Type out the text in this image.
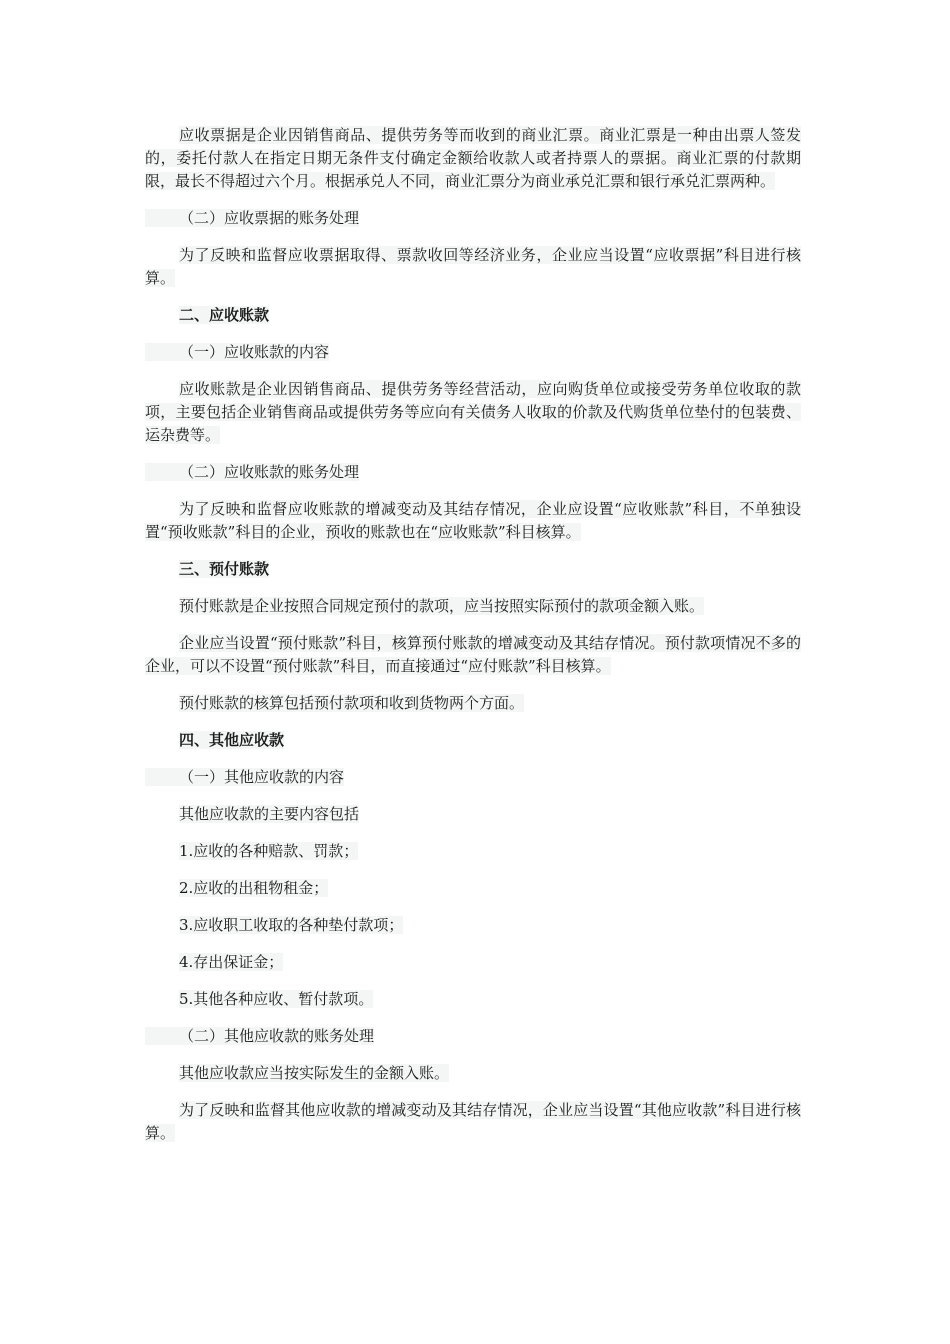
应收票据是企业因销售商品、提供劳务等而收到的商业汇票。商业汇票是一种由出票人签发的，委托付款人在指定日期无条件支付确定金额给收款人或者持票人的票据。商业汇票的付款期限，最长不得超过六个月。根据承兑人不同，商业汇票分为商业承兑汇票和银行承兑汇票两种。

（二）应收票据的账务处理

为了反映和监督应收票据取得、票款收回等经济业务，企业应当设置“应收票据”科目进行核算。

二、应收账款

（一）应收账款的内容

应收账款是企业因销售商品、提供劳务等经营活动，应向购货单位或接受劳务单位收取的款项，主要包括企业销售商品或提供劳务等应向有关债务人收取的价款及代购货单位垫付的包装费、运杂费等。

（二）应收账款的账务处理

为了反映和监督应收账款的增减变动及其结存情况，企业应设置“应收账款”科目，不单独设置“预收账款”科目的企业，预收的账款也在“应收账款”科目核算。

三、预付账款

预付账款是企业按照合同规定预付的款项，应当按照实际预付的款项金额入账。

企业应当设置“预付账款”科目，核算预付账款的增减变动及其结存情况。预付款项情况不多的企业，可以不设置“预付账款”科目，而直接通过“应付账款”科目核算。

预付账款的核算包括预付款项和收到货物两个方面。

四、其他应收款

（一）其他应收款的内容

其他应收款的主要内容包括

1.应收的各种赔款、罚款；

2.应收的出租物租金；

3.应收职工收取的各种垫付款项；

4.存出保证金；

5.其他各种应收、暂付款项。

（二）其他应收款的账务处理

其他应收款应当按实际发生的金额入账。

为了反映和监督其他应收款的增减变动及其结存情况，企业应当设置“其他应收款”科目进行核算。
